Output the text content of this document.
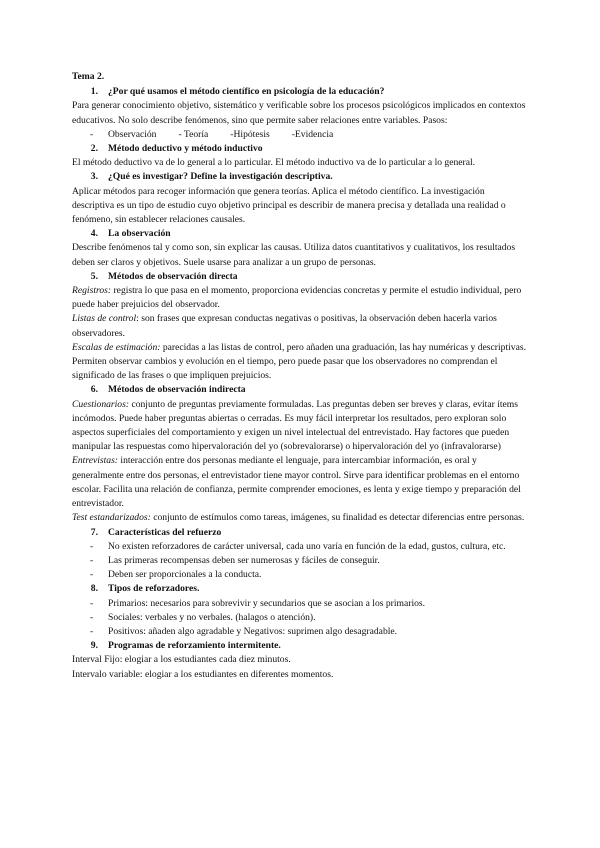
Tema 2.

1.	¿Por qué usamos el método científico en psicología de la educación?

Para generar conocimiento objetivo, sistemático y verificable sobre los procesos psicológicos implicados en contextos educativos. No solo describe fenómenos, sino que permite saber relaciones entre variables. Pasos:

-	Observación - Teoría -Hipótesis -Evidencia
2.	Método deductivo y método inductivo

El método deductivo va de lo general a lo particular. El método inductivo va de lo particular a lo general.

3.	¿Qué es investigar? Define la investigación descriptiva.

Aplicar métodos para recoger información que genera teorías. Aplica el método científico. La investigación descriptiva es un tipo de estudio cuyo objetivo principal es describir de manera precisa y detallada una realidad o fenómeno, sin establecer relaciones causales.

4.	La observación

Describe fenómenos tal y como son, sin explicar las causas. Utiliza datos cuantitativos y cualitativos, los resultados deben ser claros y objetivos. Suele usarse para analizar a un grupo de personas.

5.	Métodos de observación directa

Registros: registra lo que pasa en el momento, proporciona evidencias concretas y permite el estudio individual, pero puede haber prejuicios del observador.

Listas de control: son frases que expresan conductas negativas o positivas, la observación deben hacerla varios observadores.

Escalas de estimación: parecidas a las listas de control, pero añaden una graduación, las hay numéricas y descriptivas. Permiten observar cambios y evolución en el tiempo, pero puede pasar que los observadores no comprendan el significado de las frases o que impliquen prejuicios.

6.	Métodos de observación indirecta

Cuestionarios: conjunto de preguntas previamente formuladas. Las preguntas deben ser breves y claras, evitar ítems incómodos. Puede haber preguntas abiertas o cerradas. Es muy fácil interpretar los resultados, pero exploran solo aspectos superficiales del comportamiento y exigen un nivel intelectual del entrevistado. Hay factores que pueden manipular las respuestas como hipervaloración del yo (sobrevalorarse) o hipervaloración del yo (infravalorarse)

Entrevistas: interacción entre dos personas mediante el lenguaje, para intercambiar información, es oral y generalmente entre dos personas, el entrevistador tiene mayor control. Sirve para identificar problemas en el entorno escolar. Facilita una relación de confianza, permite comprender emociones, es lenta y exige tiempo y preparación del entrevistador.

Test estandarizados: conjunto de estímulos como tareas, imágenes, su finalidad es detectar diferencias entre personas.

7.	Características del refuerzo
-	No existen reforzadores de carácter universal, cada uno varía en función de la edad, gustos, cultura, etc.
-	Las primeras recompensas deben ser numerosas y fáciles de conseguir.
-	Deben ser proporcionales a la conducta.
8.	Tipos de reforzadores.
-	Primarios: necesarios para sobrevivir y secundarios que se asocian a los primarios.
-	Sociales: verbales y no verbales. (halagos o atención).
-	Positivos: añaden algo agradable y Negativos: suprimen algo desagradable.
9.	Programas de reforzamiento intermitente.

Interval Fijo: elogiar a los estudiantes cada diez minutos.

Intervalo variable: elogiar a los estudiantes en diferentes momentos.
